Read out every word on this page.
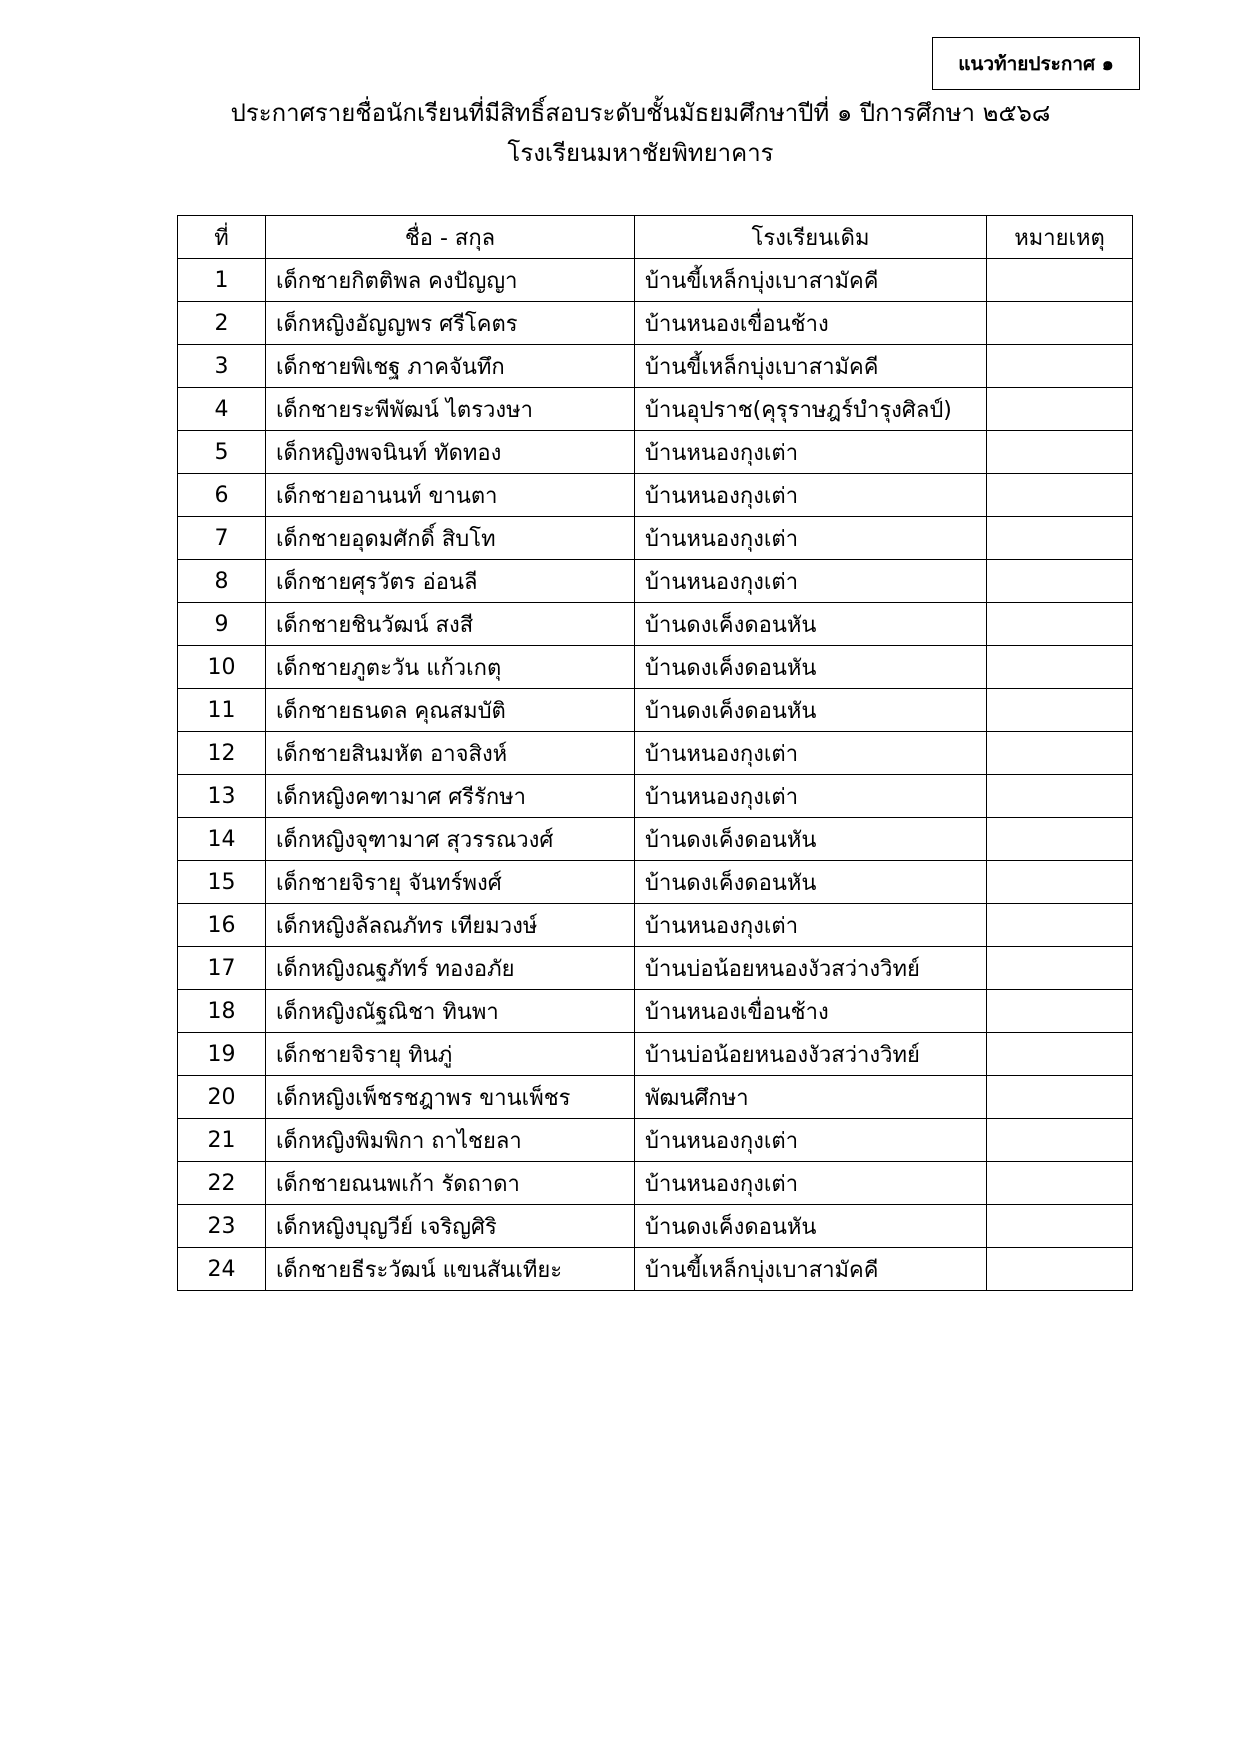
แนวท้ายประกาศ ๑
ประกาศรายชื่อนักเรียนที่มีสิทธิ์สอบระดับชั้นมัธยมศึกษาปีที่ ๑ ปีการศึกษา ๒๕๖๘
โรงเรียนมหาชัยพิทยาคาร
ที่	ชื่อ - สกุล	โรงเรียนเดิม	หมายเหตุ
1	เด็กชายกิตติพล คงปัญญา	บ้านขี้เหล็กบุ่งเบาสามัคคี	
2	เด็กหญิงอัญญพร ศรีโคตร	บ้านหนองเขื่อนช้าง	
3	เด็กชายพิเชฐ ภาคจันทึก	บ้านขี้เหล็กบุ่งเบาสามัคคี	
4	เด็กชายระพีพัฒน์ ไตรวงษา	บ้านอุปราช(คุรุราษฎร์บำรุงศิลป์)	
5	เด็กหญิงพจนินท์ ทัดทอง	บ้านหนองกุงเต่า	
6	เด็กชายอานนท์ ขานตา	บ้านหนองกุงเต่า	
7	เด็กชายอุดมศักดิ์ สิบโท	บ้านหนองกุงเต่า	
8	เด็กชายศุรวัตร อ่อนลี	บ้านหนองกุงเต่า	
9	เด็กชายชินวัฒน์ สงสี	บ้านดงเค็งดอนหัน	
10	เด็กชายภูตะวัน แก้วเกตุ	บ้านดงเค็งดอนหัน	
11	เด็กชายธนดล คุณสมบัติ	บ้านดงเค็งดอนหัน	
12	เด็กชายสินมหัต อาจสิงห์	บ้านหนองกุงเต่า	
13	เด็กหญิงคฑามาศ ศรีรักษา	บ้านหนองกุงเต่า	
14	เด็กหญิงจุฑามาศ สุวรรณวงศ์	บ้านดงเค็งดอนหัน	
15	เด็กชายจิรายุ จันทร์พงศ์	บ้านดงเค็งดอนหัน	
16	เด็กหญิงลัลณภัทร เทียมวงษ์	บ้านหนองกุงเต่า	
17	เด็กหญิงณฐภัทร์ ทองอภัย	บ้านบ่อน้อยหนองงัวสว่างวิทย์	
18	เด็กหญิงณัฐณิชา ทินพา	บ้านหนองเขื่อนช้าง	
19	เด็กชายจิรายุ ทินภู่	บ้านบ่อน้อยหนองงัวสว่างวิทย์	
20	เด็กหญิงเพ็ชรชฎาพร ขานเพ็ชร	พัฒนศึกษา	
21	เด็กหญิงพิมพิกา ถาไชยลา	บ้านหนองกุงเต่า	
22	เด็กชายณนพเก้า รัดถาดา	บ้านหนองกุงเต่า	
23	เด็กหญิงบุญวีย์ เจริญศิริ	บ้านดงเค็งดอนหัน	
24	เด็กชายธีระวัฒน์ แขนสันเทียะ	บ้านขี้เหล็กบุ่งเบาสามัคคี	
